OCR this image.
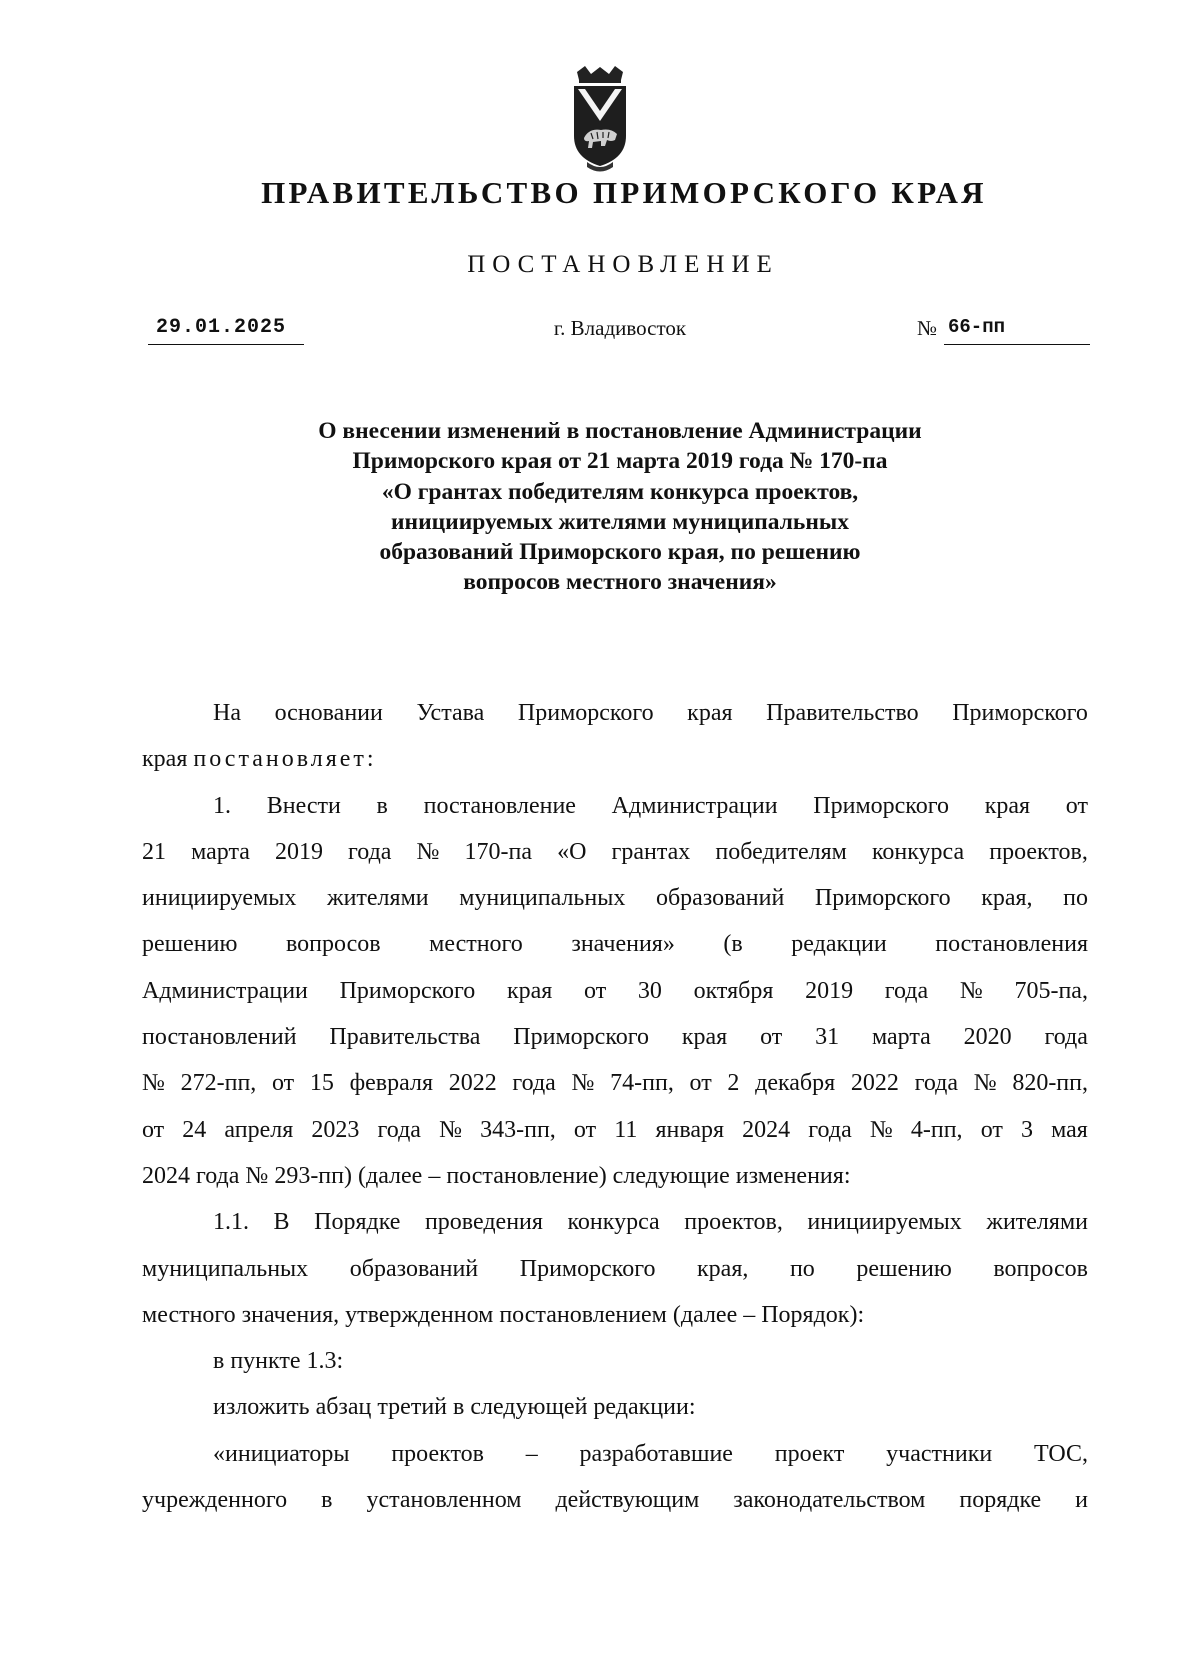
ПРАВИТЕЛЬСТВО ПРИМОРСКОГО КРАЯ
ПОСТАНОВЛЕНИЕ
29.01.2025	г. Владивосток	№ 66-пп
О внесении изменений в постановление Администрации
Приморского края от 21 марта 2019 года № 170-па
«О грантах победителям конкурса проектов,
инициируемых жителями муниципальных
образований Приморского края, по решению
вопросов местного значения»
На основании Устава Приморского края Правительство Приморского
края постановляет:
1. Внести в постановление Администрации Приморского края от
21 марта 2019 года № 170-па «О грантах победителям конкурса проектов,
инициируемых жителями муниципальных образований Приморского края, по
решению вопросов местного значения» (в редакции постановления
Администрации Приморского края от 30 октября 2019 года № 705-па,
постановлений Правительства Приморского края от 31 марта 2020 года
№ 272-пп, от 15 февраля 2022 года № 74-пп, от 2 декабря 2022 года № 820-пп,
от 24 апреля 2023 года № 343-пп, от 11 января 2024 года № 4-пп, от 3 мая
2024 года № 293-пп) (далее – постановление) следующие изменения:
1.1. В Порядке проведения конкурса проектов, инициируемых жителями
муниципальных образований Приморского края, по решению вопросов
местного значения, утвержденном постановлением (далее – Порядок):
в пункте 1.3:
изложить абзац третий в следующей редакции:
«инициаторы проектов – разработавшие проект участники ТОС,
учрежденного в установленном действующим законодательством порядке и
